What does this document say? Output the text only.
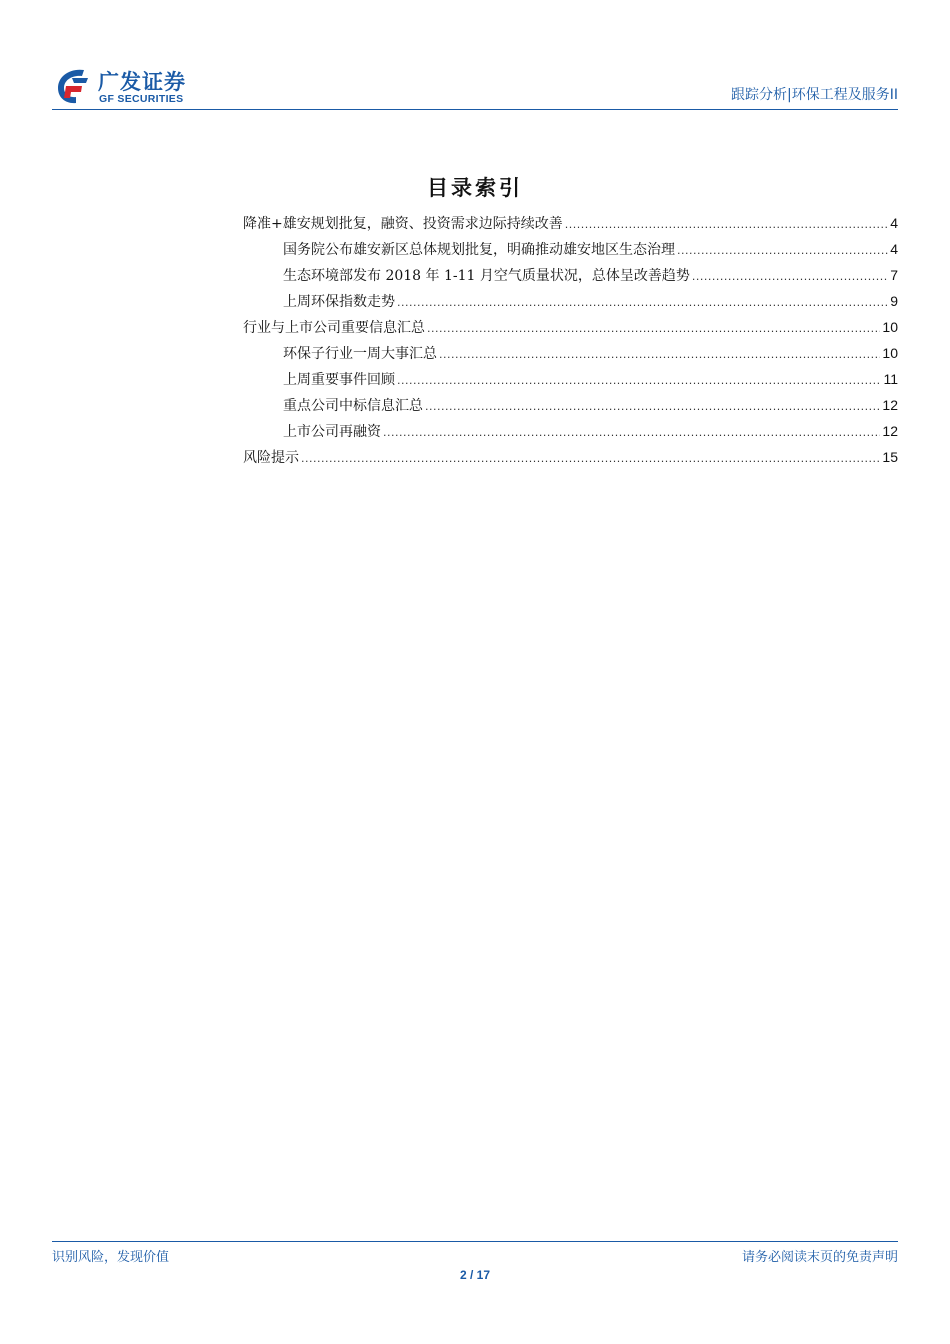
广发证券
GF SECURITIES	跟踪分析|环保工程及服务II
目录索引
降准+雄安规划批复，融资、投资需求边际持续改善 .....	4
国务院公布雄安新区总体规划批复，明确推动雄安地区生态治理 .....	4
生态环境部发布 2018 年 1-11 月空气质量状况，总体呈改善趋势 .....	7
上周环保指数走势 .....	9
行业与上市公司重要信息汇总 .....	10
环保子行业一周大事汇总 .....	10
上周重要事件回顾 .....	11
重点公司中标信息汇总 .....	12
上市公司再融资 .....	12
风险提示 .....	15
识别风险，发现价值	请务必阅读末页的免责声明
2 / 17
